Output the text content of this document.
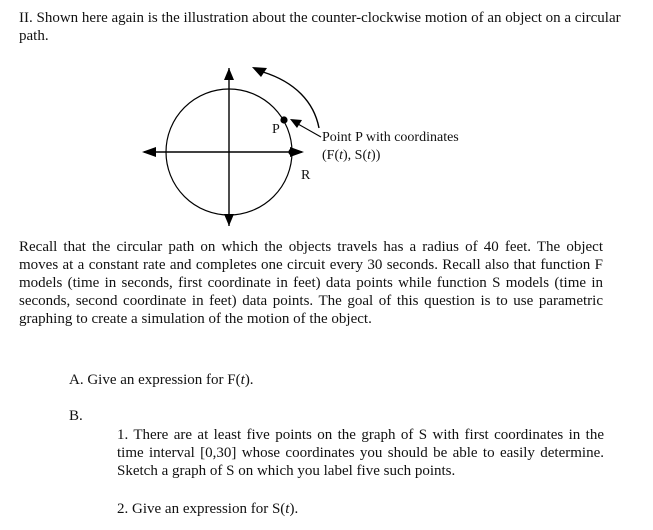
II. Shown here again is the illustration about the counter-clockwise motion of an object on a circular path.

P
R
Point P with coordinates
(F(t), S(t))

Recall that the circular path on which the objects travels has a radius of 40 feet. The object moves at a constant rate and completes one circuit every 30 seconds. Recall also that function F models (time in seconds, first coordinate in feet) data points while function S models (time in seconds, second coordinate in feet) data points. The goal of this question is to use parametric graphing to create a simulation of the motion of the object.

A. Give an expression for F(t).

B.

1. There are at least five points on the graph of S with first coordinates in the time interval [0,30] whose coordinates you should be able to easily determine. Sketch a graph of S on which you label five such points.

2. Give an expression for S(t).
